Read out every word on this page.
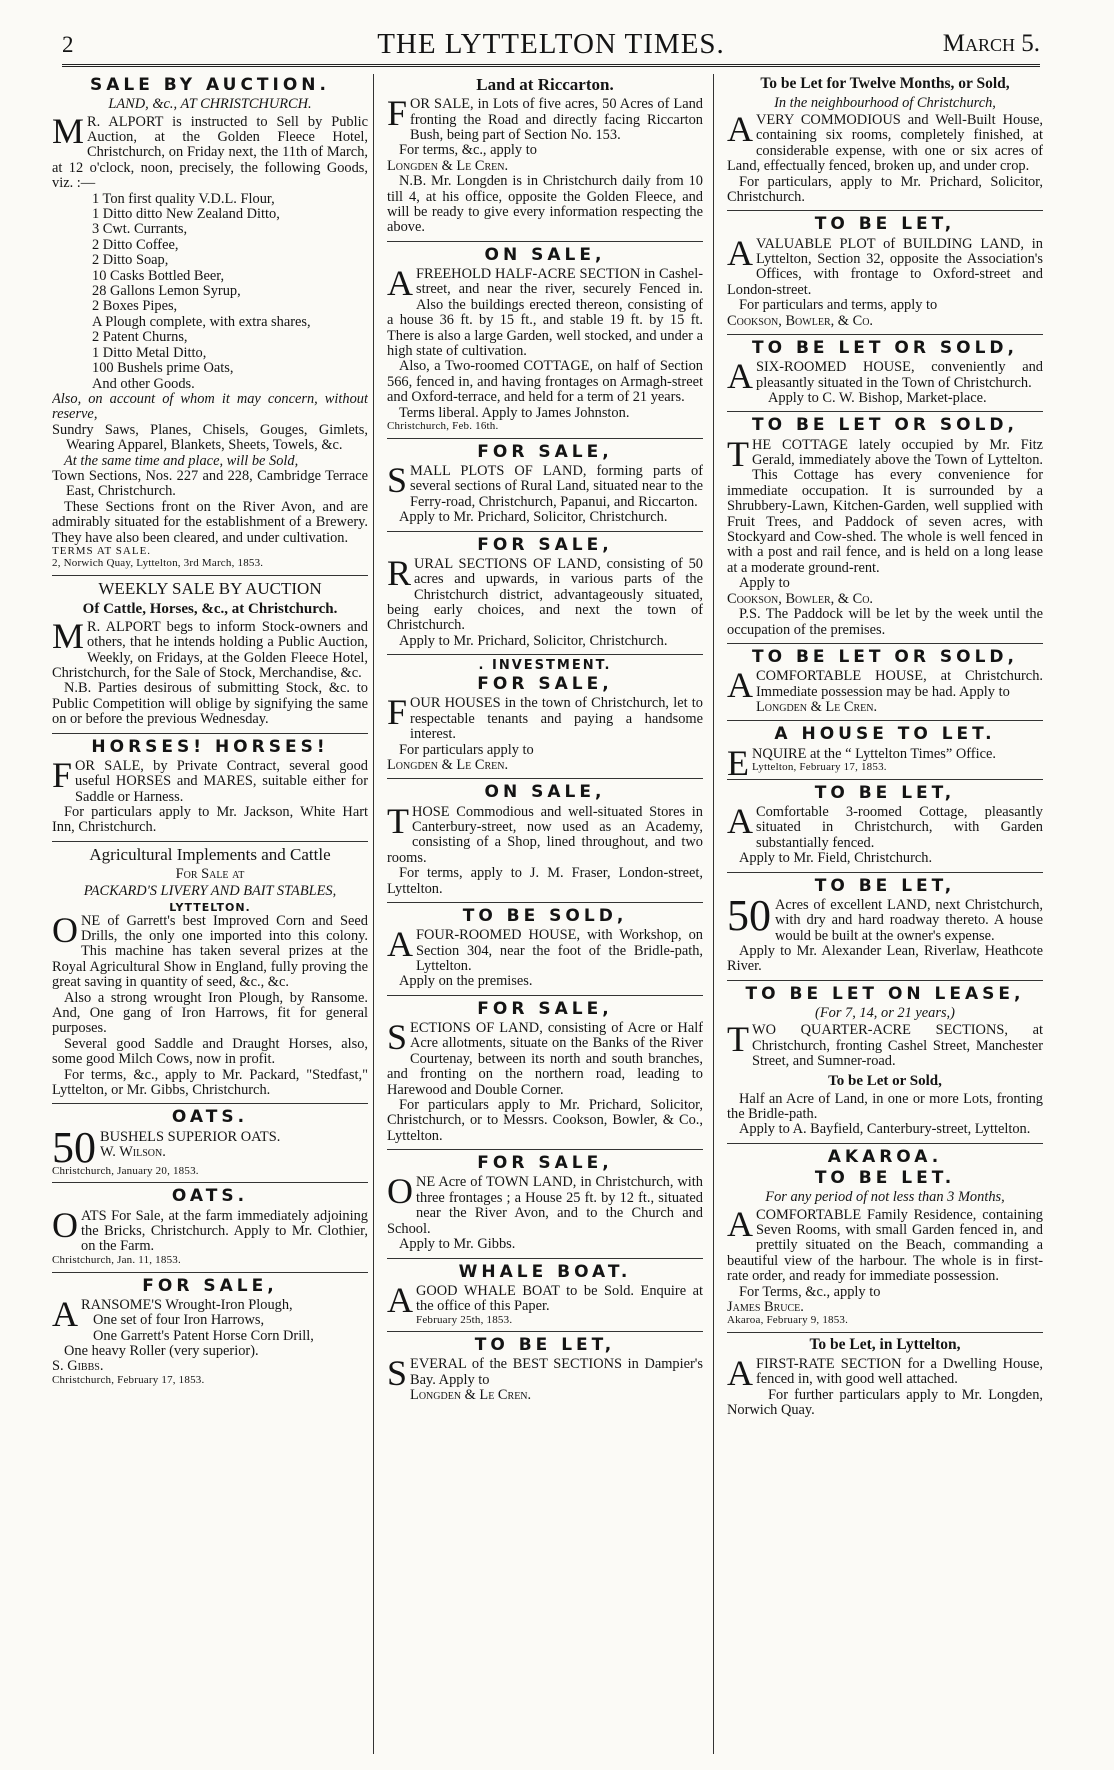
2	THE LYTTELTON TIMES.	March 5.
SALE BY AUCTION.
LAND, &c., AT CHRISTCHURCH.

M R. ALPORT is instructed to Sell by Public Auction, at the Golden Fleece Hotel, Christchurch, on Friday next, the 11th of March, at 12 o'clock, noon, precisely, the following Goods, viz. :—

1 Ton first quality V.D.L. Flour,
1 Ditto ditto New Zealand Ditto,
3 Cwt. Currants,
2 Ditto Coffee,
2 Ditto Soap,
10 Casks Bottled Beer,
28 Gallons Lemon Syrup,
2 Boxes Pipes,
A Plough complete, with extra shares,
2 Patent Churns,
1 Ditto Metal Ditto,
100 Bushels prime Oats,
And other Goods.

Also, on account of whom it may concern, without reserve,

Sundry Saws, Planes, Chisels, Gouges, Gimlets, Wearing Apparel, Blankets, Sheets, Towels, &c.

At the same time and place, will be Sold,

Town Sections, Nos. 227 and 228, Cambridge Terrace East, Christchurch.

These Sections front on the River Avon, and are admirably situated for the establishment of a Brewery. They have also been cleared, and under cultivation.

TERMS AT SALE.

2, Norwich Quay, Lyttelton, 3rd March, 1853.

WEEKLY SALE BY AUCTION
Of Cattle, Horses, &c., at Christchurch.

M R. ALPORT begs to inform Stock-owners and others, that he intends holding a Public Auction, Weekly, on Fridays, at the Golden Fleece Hotel, Christchurch, for the Sale of Stock, Merchandise, &c.

N.B. Parties desirous of submitting Stock, &c. to Public Competition will oblige by signifying the same on or before the previous Wednesday.

HORSES! HORSES!

FOR SALE, by Private Contract, several good useful HORSES and MARES, suitable either for Saddle or Harness.

For particulars apply to Mr. Jackson, White Hart Inn, Christchurch.

Agricultural Implements and Cattle
For Sale at
PACKARD'S LIVERY AND BAIT STABLES,
LYTTELTON.

ONE of Garrett's best Improved Corn and Seed Drills, the only one imported into this colony. This machine has taken several prizes at the Royal Agricultural Show in England, fully proving the great saving in quantity of seed, &c., &c.

Also a strong wrought Iron Plough, by Ransome. And, One gang of Iron Harrows, fit for general purposes.

Several good Saddle and Draught Horses, also, some good Milch Cows, now in profit.

For terms, &c., apply to Mr. Packard, "Stedfast," Lyttelton, or Mr. Gibbs, Christchurch.

OATS.

50 BUSHELS SUPERIOR OATS.

W. Wilson.

Christchurch, January 20, 1853.

OATS.

OATS For Sale, at the farm immediately adjoining the Bricks, Christchurch. Apply to Mr. Clothier, on the Farm.

Christchurch, Jan. 11, 1853.

FOR SALE,

ARANSOME'S Wrought-Iron Plough,

One set of four Iron Harrows,

One Garrett's Patent Horse Corn Drill,

One heavy Roller (very superior).

S. Gibbs.

Christchurch, February 17, 1853.

Land at Riccarton.

FOR SALE, in Lots of five acres, 50 Acres of Land fronting the Road and directly facing Riccarton Bush, being part of Section No. 153.

For terms, &c., apply to

Longden & Le Cren.

N.B. Mr. Longden is in Christchurch daily from 10 till 4, at his office, opposite the Golden Fleece, and will be ready to give every information respecting the above.

ON SALE,

AFREEHOLD HALF-ACRE SECTION in Cashel-street, and near the river, securely Fenced in. Also the buildings erected thereon, consisting of a house 36 ft. by 15 ft., and stable 19 ft. by 15 ft. There is also a large Garden, well stocked, and under a high state of cultivation.

Also, a Two-roomed COTTAGE, on half of Section 566, fenced in, and having frontages on Armagh-street and Oxford-terrace, and held for a term of 21 years.

Terms liberal. Apply to James Johnston.

Christchurch, Feb. 16th.

FOR SALE,

SMALL PLOTS OF LAND, forming parts of several sections of Rural Land, situated near to the Ferry-road, Christchurch, Papanui, and Riccarton.

Apply to Mr. Prichard, Solicitor, Christchurch.

FOR SALE,

RURAL SECTIONS OF LAND, consisting of 50 acres and upwards, in various parts of the Christchurch district, advantageously situated, being early choices, and next the town of Christchurch.

Apply to Mr. Prichard, Solicitor, Christchurch.

. INVESTMENT.
FOR SALE,

FOUR HOUSES in the town of Christchurch, let to respectable tenants and paying a handsome interest.

For particulars apply to

Longden & Le Cren.

ON SALE,

THOSE Commodious and well-situated Stores in Canterbury-street, now used as an Academy, consisting of a Shop, lined throughout, and two rooms.

For terms, apply to J. M. Fraser, London-street, Lyttelton.

TO BE SOLD,

AFOUR-ROOMED HOUSE, with Workshop, on Section 304, near the foot of the Bridle-path, Lyttelton.

Apply on the premises.

FOR SALE,

SECTIONS OF LAND, consisting of Acre or Half Acre allotments, situate on the Banks of the River Courtenay, between its north and south branches, and fronting on the northern road, leading to Harewood and Double Corner.

For particulars apply to Mr. Prichard, Solicitor, Christchurch, or to Messrs. Cookson, Bowler, & Co., Lyttelton.

FOR SALE,

ONE Acre of TOWN LAND, in Christchurch, with three frontages ; a House 25 ft. by 12 ft., situated near the River Avon, and to the Church and School.

Apply to Mr. Gibbs.

WHALE BOAT.

AGOOD WHALE BOAT to be Sold. Enquire at the office of this Paper.

February 25th, 1853.

TO BE LET,

SEVERAL of the BEST SECTIONS in Dampier's Bay. Apply to

Longden & Le Cren.

To be Let for Twelve Months, or Sold,
In the neighbourhood of Christchurch,

AVERY COMMODIOUS and Well-Built House, containing six rooms, completely finished, at considerable expense, with one or six acres of Land, effectually fenced, broken up, and under crop.

For particulars, apply to Mr. Prichard, Solicitor, Christchurch.

TO BE LET,

AVALUABLE PLOT of BUILDING LAND, in Lyttelton, Section 32, opposite the Association's Offices, with frontage to Oxford-street and London-street.

For particulars and terms, apply to

Cookson, Bowler, & Co.

TO BE LET OR SOLD,

ASIX-ROOMED HOUSE, conveniently and pleasantly situated in the Town of Christchurch.

Apply to C. W. Bishop, Market-place.

TO BE LET OR SOLD,

THE COTTAGE lately occupied by Mr. Fitz Gerald, immediately above the Town of Lyttelton. This Cottage has every convenience for immediate occupation. It is surrounded by a Shrubbery-Lawn, Kitchen-Garden, well supplied with Fruit Trees, and Paddock of seven acres, with Stockyard and Cow-shed. The whole is well fenced in with a post and rail fence, and is held on a long lease at a moderate ground-rent.

Apply to

Cookson, Bowler, & Co.

P.S. The Paddock will be let by the week until the occupation of the premises.

TO BE LET OR SOLD,

ACOMFORTABLE HOUSE, at Christchurch. Immediate possession may be had. Apply to

Longden & Le Cren.

A HOUSE TO LET.

ENQUIRE at the “ Lyttelton Times” Office.

Lyttelton, February 17, 1853.

TO BE LET,

A Comfortable 3-roomed Cottage, pleasantly situated in Christchurch, with Garden substantially fenced.

Apply to Mr. Field, Christchurch.

TO BE LET,

50 Acres of excellent LAND, next Christchurch, with dry and hard roadway thereto. A house would be built at the owner's expense.

Apply to Mr. Alexander Lean, Riverlaw, Heathcote River.

TO BE LET ON LEASE,
(For 7, 14, or 21 years,)

TWO QUARTER-ACRE SECTIONS, at Christchurch, fronting Cashel Street, Manchester Street, and Sumner-road.

To be Let or Sold,

Half an Acre of Land, in one or more Lots, fronting the Bridle-path.

Apply to A. Bayfield, Canterbury-street, Lyttelton.

AKAROA.
TO BE LET.
For any period of not less than 3 Months,

ACOMFORTABLE Family Residence, containing Seven Rooms, with small Garden fenced in, and prettily situated on the Beach, commanding a beautiful view of the harbour. The whole is in first-rate order, and ready for immediate possession.

For Terms, &c., apply to

James Bruce.

Akaroa, February 9, 1853.

To be Let, in Lyttelton,

AFIRST-RATE SECTION for a Dwelling House, fenced in, with good well attached.

For further particulars apply to Mr. Longden, Norwich Quay.
